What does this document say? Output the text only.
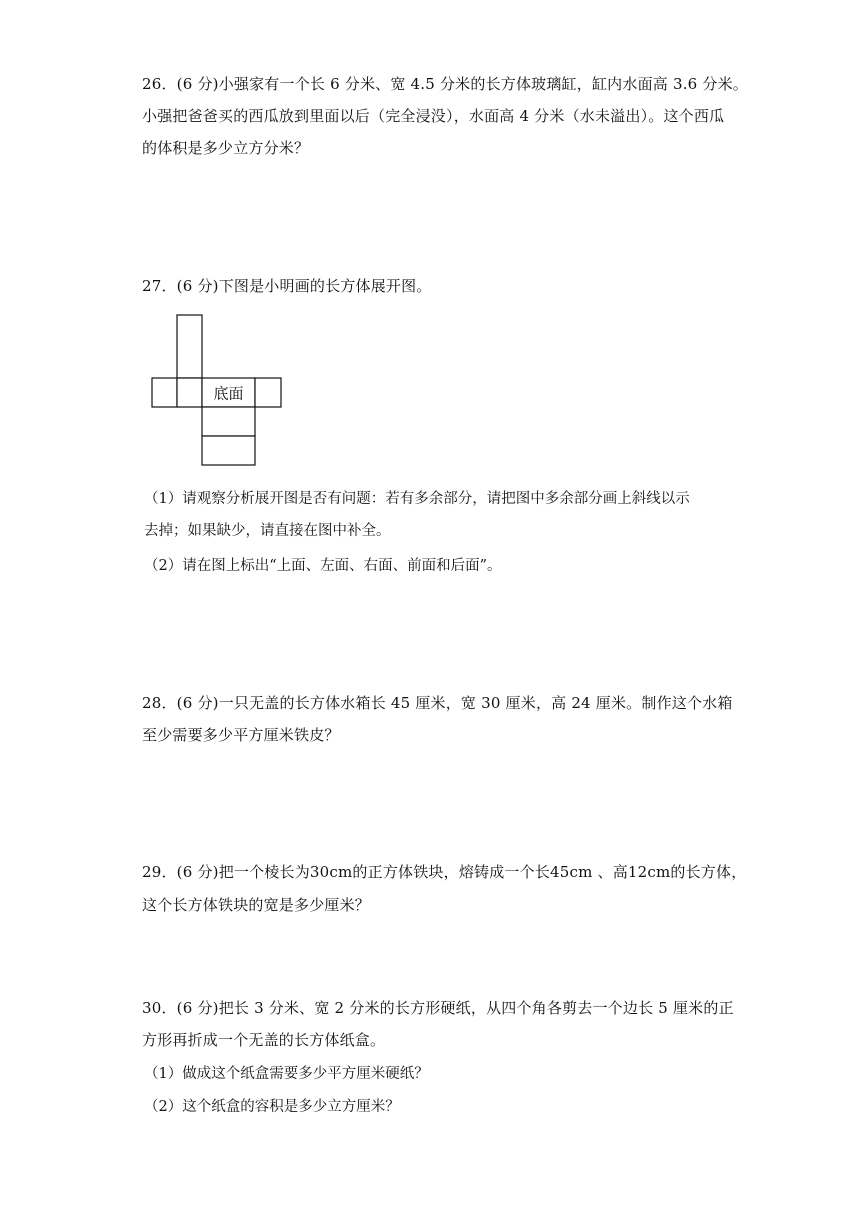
26．(6 分)小强家有一个长 6 分米、宽 4.5 分米的长方体玻璃缸，缸内水面高 3.6 分米。
小强把爸爸买的西瓜放到里面以后（完全浸没），水面高 4 分米（水未溢出）。这个西瓜
的体积是多少立方分米？
27．(6 分)下图是小明画的长方体展开图。
底面
（1）请观察分析展开图是否有问题：若有多余部分，请把图中多余部分画上斜线以示
去掉；如果缺少，请直接在图中补全。
（2）请在图上标出“上面、左面、右面、前面和后面”。
28．(6 分)一只无盖的长方体水箱长 45 厘米，宽 30 厘米，高 24 厘米。制作这个水箱
至少需要多少平方厘米铁皮？
29．(6 分)把一个棱长为30cm的正方体铁块，熔铸成一个长45cm 、高12cm的长方体，
这个长方体铁块的宽是多少厘米？
30．(6 分)把长 3 分米、宽 2 分米的长方形硬纸，从四个角各剪去一个边长 5 厘米的正
方形再折成一个无盖的长方体纸盒。
（1）做成这个纸盒需要多少平方厘米硬纸？
（2）这个纸盒的容积是多少立方厘米？
